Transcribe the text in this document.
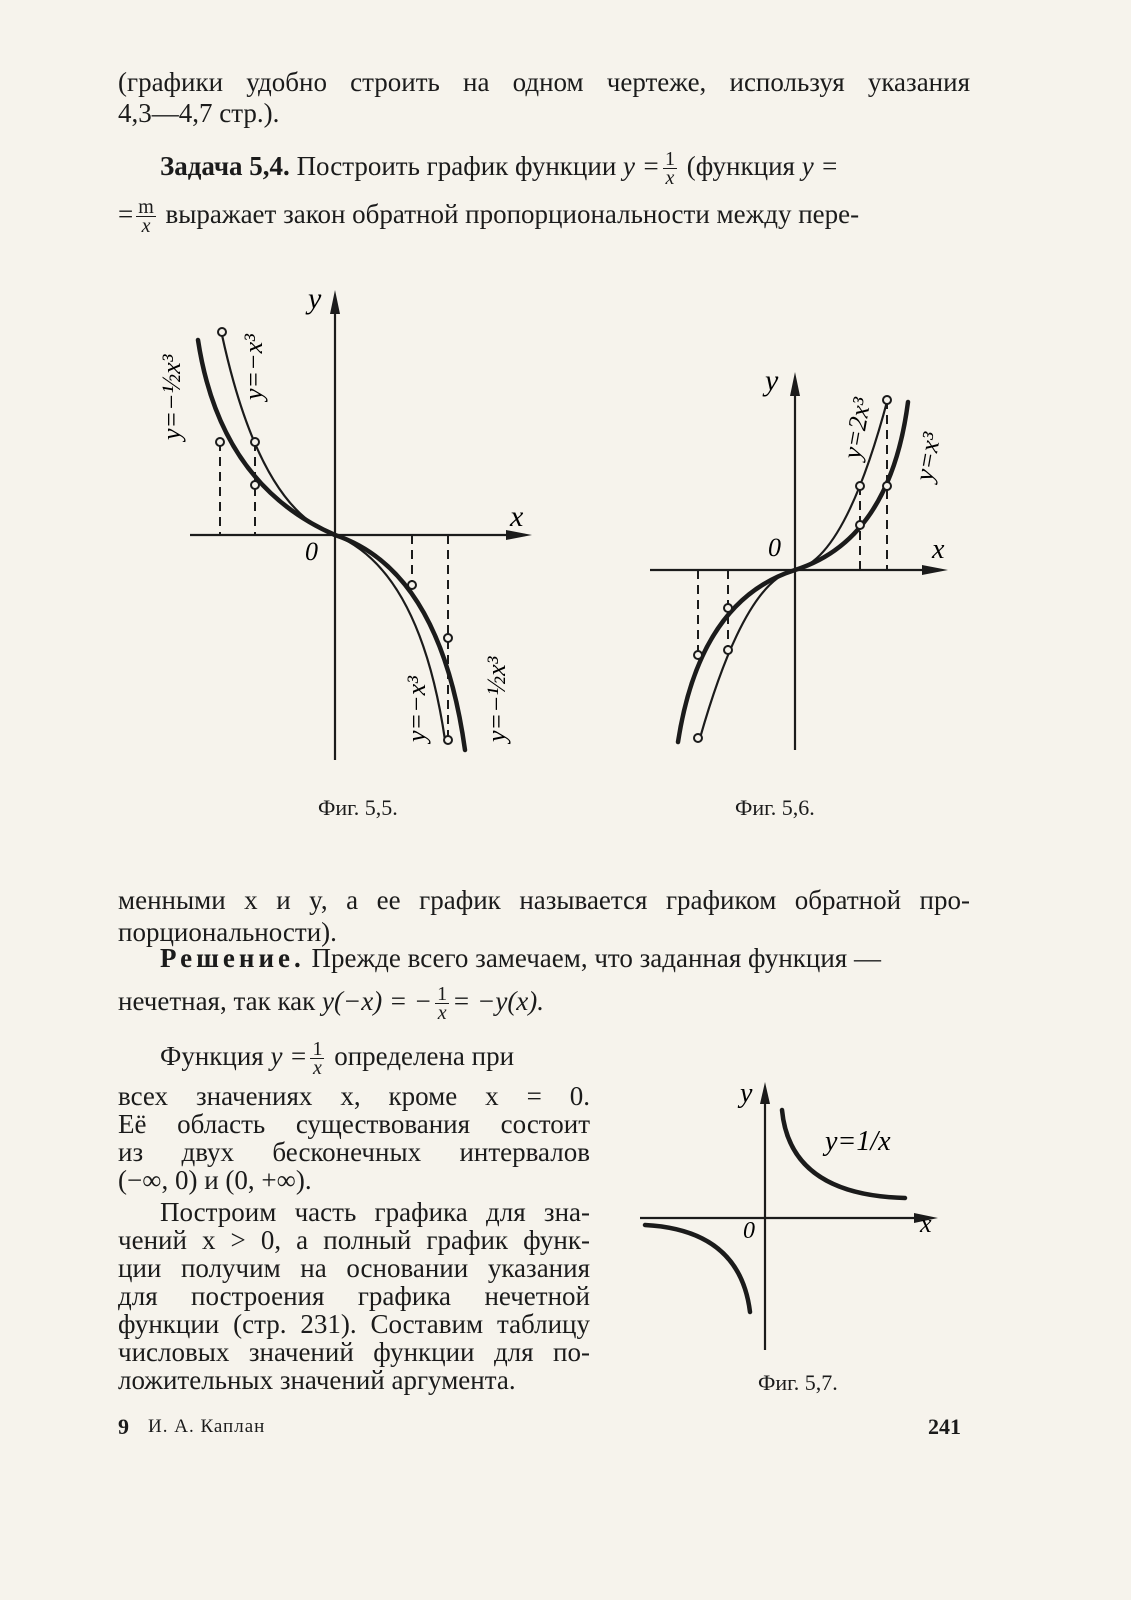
(графики удобно строить на одном чертеже, используя указания
4,3—4,7 стр.).
Задача 5,4. Построить график функции $y = \frac{1}{x}$ (функция y =
= $\frac{m}{x}$ выражает закон обратной пропорциональности между пере-
y
x
0
y=−½x³ y=−x³
y=−x³ y=−½x³
Фиг. 5,5.
y
x
0
y=2x³ y=x³
Фиг. 5,6.
менными x и y, а ее график называется графиком обратной про-
порциональности).
Решение. Прежде всего замечаем, что заданная функция —
нечетная, так как y(−x) = − $\frac{1}{x} = -y(x)$.
Функция $y = \frac{1}{x}$ определена при
всех значениях x, кроме x = 0.
Её область существования состоит
из двух бесконечных интервалов
(−∞, 0) и (0, +∞).
Построим часть графика для зна-
чений x > 0, а полный график функ-
ции получим на основании указания
для построения графика нечетной
функции (стр. 231). Составим таблицу
числовых значений функции для по-
ложительных значений аргумента.
y
x
0
y=1/x
Фиг. 5,7.
9 И. А. Каплан	241
